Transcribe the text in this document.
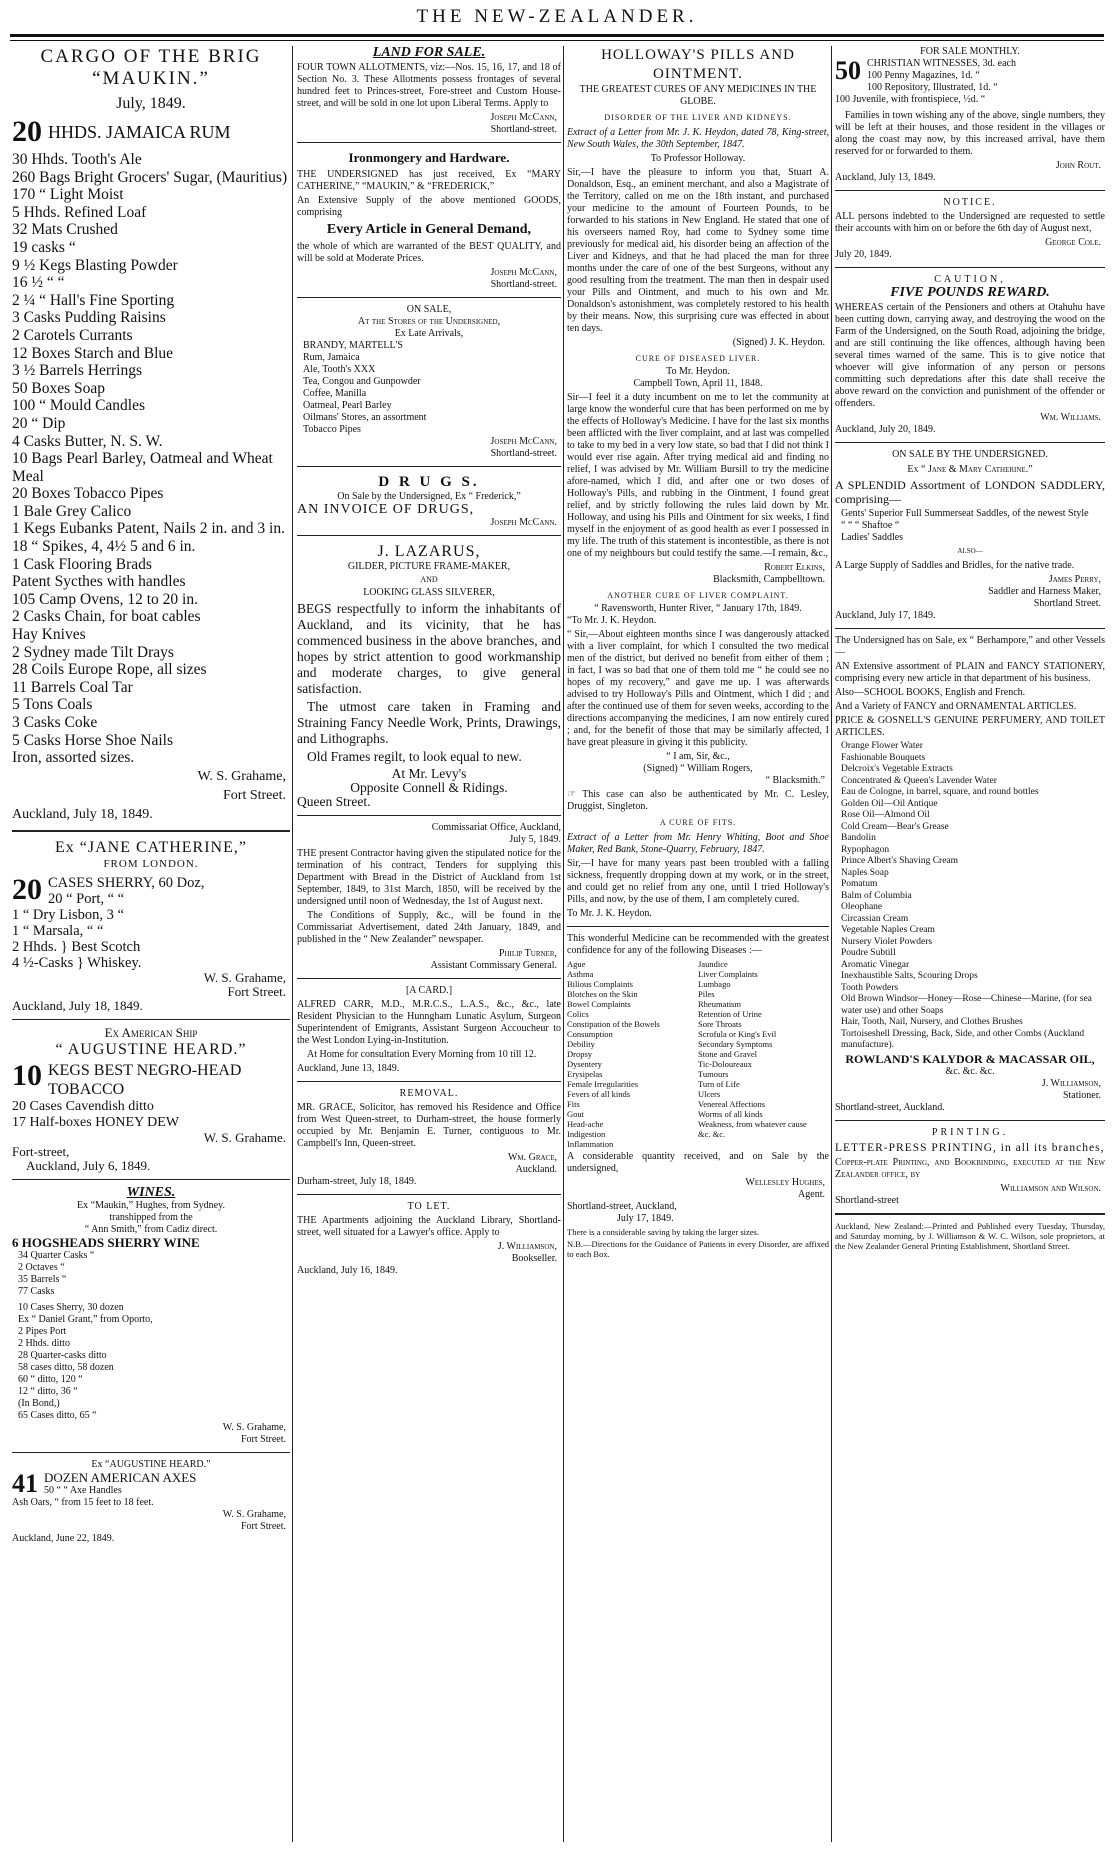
THE NEW-ZEALANDER.
CARGO OF THE BRIG
“MAUKIN.”
July, 1849.
20 HHDS. JAMAICA RUM
30 Hhds. Tooth's Ale
260 Bags Bright Grocers' Sugar, (Mauritius)
170 “ Light Moist
5 Hhds. Refined Loaf
32 Mats Crushed
19 casks “
9 ½ Kegs Blasting Powder
16 ½ “ “
2 ¼ “ Hall's Fine Sporting
3 Casks Pudding Raisins
2 Carotels Currants
12 Boxes Starch and Blue
3 ½ Barrels Herrings
50 Boxes Soap
100 “ Mould Candles
20 “ Dip
4 Casks Butter, N. S. W.
10 Bags Pearl Barley, Oatmeal and Wheat Meal
20 Boxes Tobacco Pipes
1 Bale Grey Calico
1 Kegs Eubanks Patent, Nails 2 in. and 3 in.
18 “ Spikes, 4, 4½ 5 and 6 in.
1 Cask Flooring Brads
Patent Sycthes with handles
105 Camp Ovens, 12 to 20 in.
2 Casks Chain, for boat cables
Hay Knives
2 Sydney made Tilt Drays
28 Coils Europe Rope, all sizes
11 Barrels Coal Tar
5 Tons Coals
3 Casks Coke
5 Casks Horse Shoe Nails
Iron, assorted sizes.
W. S. Grahame,
Fort Street.
Auckland, July 18, 1849.
Ex “JANE CATHERINE,”
FROM LONDON.
20 CASES SHERRY, 60 Doz,
20 “ Port, “ “
1 “ Dry Lisbon, 3 “
1 “ Marsala, “ “
2 Hhds. } Best Scotch
4 ½-Casks } Whiskey.
W. S. Grahame,
Fort Street.
Auckland, July 18, 1849.
Ex American Ship
“ AUGUSTINE HEARD.”
10 KEGS BEST NEGRO-HEAD TOBACCO
20 Cases Cavendish ditto
17 Half-boxes HONEY DEW
W. S. Grahame.
Fort-street,
Auckland, July 6, 1849.
WINES.
Ex “Maukin,” Hughes, from Sydney.
transhipped from the
“ Ann Smith,” from Cadiz direct.
6 HOGSHEADS SHERRY WINE
34 Quarter Casks “
2 Octaves “
35 Barrels “
77 Casks
10 Cases Sherry, 30 dozen
Ex “ Daniel Grant,” from Oporto,
2 Pipes Port
2 Hhds. ditto
28 Quarter-casks ditto
58 cases ditto, 58 dozen
60 “ ditto, 120 “
12 “ ditto, 36 “
(In Bond,)
65 Cases ditto, 65 “
W. S. Grahame,
Fort Street.
Ex “AUGUSTINE HEARD.”
41 DOZEN AMERICAN AXES
50 “ “ Axe Handles
Ash Oars, “ from 15 feet to 18 feet.
W. S. Grahame,
Fort Street.
Auckland, June 22, 1849.
LAND FOR SALE.
FOUR TOWN ALLOTMENTS, viz:—Nos. 15, 16, 17, and 18 of Section No. 3. These Allotments possess frontages of several hundred feet to Princes-street, Fore-street and Custom House-street, and will be sold in one lot upon Liberal Terms. Apply to
Joseph McCann,
Shortland-street.
Ironmongery and Hardware.
THE UNDERSIGNED has just received, Ex “MARY CATHERINE,” “MAUKIN,” & “FREDERICK,”
An Extensive Supply of the above mentioned GOODS, comprising
Every Article in General Demand,
the whole of which are warranted of the BEST QUALITY, and will be sold at Moderate Prices.
Joseph McCann,
Shortland-street.
ON SALE,
At the Stores of the Undersigned,
Ex Late Arrivals,
BRANDY, MARTELL'S
Rum, Jamaica
Ale, Tooth's XXX
Tea, Congou and Gunpowder
Coffee, Manilla
Oatmeal, Pearl Barley
Oilmans' Stores, an assortment
Tobacco Pipes
Joseph McCann,
Shortland-street.
D R U G S.
On Sale by the Undersigned, Ex “ Frederick,”
AN INVOICE OF DRUGS,
Joseph McCann.
J. LAZARUS,
GILDER, PICTURE FRAME-MAKER,
AND
LOOKING GLASS SILVERER,
BEGS respectfully to inform the inhabitants of Auckland, and its vicinity, that he has commenced business in the above branches, and hopes by strict attention to good workmanship and moderate charges, to give general satisfaction.
The utmost care taken in Framing and Straining Fancy Needle Work, Prints, Drawings, and Lithographs.
Old Frames regilt, to look equal to new.
At Mr. Levy's
Opposite Connell & Ridings.
Queen Street.
Commissariat Office, Auckland,
July 5, 1849.
THE present Contractor having given the stipulated notice for the termination of his contract, Tenders for supplying this Department with Bread in the District of Auckland from 1st September, 1849, to 31st March, 1850, will be received by the undersigned until noon of Wednesday, the 1st of August next.
The Conditions of Supply, &c., will be found in the Commissariat Advertisement, dated 24th January, 1849, and published in the “ New Zealander” newspaper.
Philip Turner,
Assistant Commissary General.
[A CARD.]
ALFRED CARR, M.D., M.R.C.S., L.A.S., &c., &c., late Resident Physician to the Hunngham Lunatic Asylum, Surgeon Superintendent of Emigrants, Assistant Surgeon Accoucheur to the West London Lying-in-Institution.
At Home for consultation Every Morning from 10 till 12.
Auckland, June 13, 1849.
REMOVAL.
MR. GRACE, Solicitor, has removed his Residence and Office from West Queen-street, to Durham-street, the house formerly occupied by Mr. Benjamin E. Turner, contiguous to Mr. Campbell's Inn, Queen-street.
Wm. Grace,
Auckland.
Durham-street, July 18, 1849.
TO LET.
THE Apartments adjoining the Auckland Library, Shortland-street, well situated for a Lawyer's office. Apply to
J. Williamson,
Bookseller.
Auckland, July 16, 1849.
HOLLOWAY'S PILLS AND OINTMENT.
THE GREATEST CURES OF ANY MEDICINES IN THE GLOBE.
DISORDER OF THE LIVER AND KIDNEYS.
Extract of a Letter from Mr. J. K. Heydon, dated 78, King-street, New South Wales, the 30th September, 1847.
To Professor Holloway.
Sir,—I have the pleasure to inform you that, Stuart A. Donaldson, Esq., an eminent merchant, and also a Magistrate of the Territory, called on me on the 18th instant, and purchased your medicine to the amount of Fourteen Pounds, to be forwarded to his stations in New England. He stated that one of his overseers named Roy, had come to Sydney some time previously for medical aid, his disorder being an affection of the Liver and Kidneys, and that he had placed the man for three months under the care of one of the best Surgeons, without any good resulting from the treatment. The man then in despair used your Pills and Ointment, and much to his own and Mr. Donaldson's astonishment, was completely restored to his health by their means. Now, this surprising cure was effected in about ten days.
(Signed) J. K. Heydon.
CURE OF DISEASED LIVER.
To Mr. Heydon.
Campbell Town, April 11, 1848.
Sir—I feel it a duty incumbent on me to let the community at large know the wonderful cure that has been performed on me by the effects of Holloway's Medicine. I have for the last six months been afflicted with the liver complaint, and at last was compelled to take to my bed in a very low state, so bad that I did not think I would ever rise again. After trying medical aid and finding no relief, I was advised by Mr. William Bursill to try the medicine afore-named, which I did, and after one or two doses of Holloway's Pills, and rubbing in the Ointment, I found great relief, and by strictly following the rules laid down by Mr. Holloway, and using his Pills and Ointment for six weeks, I find myself in the enjoyment of as good health as ever I possessed in my life. The truth of this statement is incontestible, as there is not one of my neighbours but could testify the same.—I remain, &c.,
Robert Elkins,
Blacksmith, Campbelltown.
ANOTHER CURE OF LIVER COMPLAINT.
“ Ravensworth, Hunter River, “ January 17th, 1849.
“To Mr. J. K. Heydon.
“ Sir,—About eighteen months since I was dangerously attacked with a liver complaint, for which I consulted the two medical men of the district, but derived no benefit from either of them ; in fact, I was so bad that one of them told me “ he could see no hopes of my recovery,” and gave me up. I was afterwards advised to try Holloway's Pills and Ointment, which I did ; and after the continued use of them for seven weeks, according to the directions accompanying the medicines, I am now entirely cured ; and, for the benefit of those that may be similarly affected, I have great pleasure in giving it this publicity.
“ I am, Sir, &c.,
(Signed) “ William Rogers,
“ Blacksmith.”
☞ This case can also be authenticated by Mr. C. Lesley, Druggist, Singleton.
A CURE OF FITS.
Extract of a Letter from Mr. Henry Whiting, Boot and Shoe Maker, Red Bank, Stone-Quarry, February, 1847.
Sir,—I have for many years past been troubled with a falling sickness, frequently dropping down at my work, or in the street, and could get no relief from any one, until I tried Holloway's Pills, and now, by the use of them, I am completely cured.
To Mr. J. K. Heydon.
This wonderful Medicine can be recommended with the greatest confidence for any of the following Diseases :—
Ague
Asthma
Bilious Complaints
Blotches on the Skin
Bowel Complaints
Colics
Constipation of the Bowels
Consumption
Debility
Dropsy
Dysentery
Erysipelas
Female Irregularities
Fevers of all kinds
Fits
Gout
Head-ache
Indigestion
Inflammation
Jaundice
Liver Complaints
Lumbago
Piles
Rheumatism
Retention of Urine
Sore Throats
Scrofula or King's Evil
Secondary Symptoms
Stone and Gravel
Tic-Doloureaux
Tumours
Turn of Life
Ulcers
Venereal Affections
Worms of all kinds
Weakness, from whatever cause
&c. &c.
A considerable quantity received, and on Sale by the undersigned,
Wellesley Hughes,
Agent.
Shortland-street, Auckland,
July 17, 1849.
There is a considerable saving by taking the larger sizes.
N.B.—Directions for the Guidance of Patients in every Disorder, are affixed to each Box.
FOR SALE MONTHLY.
50 CHRISTIAN WITNESSES, 3d. each
100 Penny Magazines, 1d. “
100 Repository, Illustrated, 1d. “
100 Juvenile, with frontispiece, ½d. “
Families in town wishing any of the above, single numbers, they will be left at their houses, and those resident in the villages or along the coast may now, by this increased arrival, have them reserved for or forwarded to them.
John Rout.
Auckland, July 13, 1849.
NOTICE.
ALL persons indebted to the Undersigned are requested to settle their accounts with him on or before the 6th day of August next,
George Cole.
July 20, 1849.
CAUTION,
FIVE POUNDS REWARD.
WHEREAS certain of the Pensioners and others at Otahuhu have been cutting down, carrying away, and destroying the wood on the Farm of the Undersigned, on the South Road, adjoining the bridge, and are still continuing the like offences, although having been several times warned of the same. This is to give notice that whoever will give information of any person or persons committing such depredations after this date shall receive the above reward on the conviction and punishment of the offender or offenders.
Wm. Williams.
Auckland, July 20, 1849.
ON SALE BY THE UNDERSIGNED.
Ex “ Jane & Mary Catherine.”
A SPLENDID Assortment of LONDON SADDLERY, comprising—
Gents' Superior Full Summerseat Saddles, of the newest Style
“ “ “ Shaftoe “
Ladies' Saddles
ALSO—
A Large Supply of Saddles and Bridles, for the native trade.
James Perry,
Saddler and Harness Maker,
Shortland Street.
Auckland, July 17, 1849.
The Undersigned has on Sale, ex “ Berhampore,” and other Vessels—
AN Extensive assortment of PLAIN and FANCY STATIONERY, comprising every new article in that department of his business.
Also—SCHOOL BOOKS, English and French.
And a Variety of FANCY and ORNAMENTAL ARTICLES.
PRICE & GOSNELL'S GENUINE PERFUMERY, AND TOILET ARTICLES.
Orange Flower Water
Fashionable Bouquets
Delcroix's Vegetable Extracts
Concentrated & Queen's Lavender Water
Eau de Cologne, in barrel, square, and round bottles
Golden Oil—Oil Antique
Rose Oil—Almond Oil
Cold Cream—Bear's Grease
Bandolin
Rypophagon
Prince Albert's Shaving Cream
Naples Soap
Pomatum
Balm of Columbia
Oleophane
Circassian Cream
Vegetable Naples Cream
Nursery Violet Powders
Poudre Subtill
Aromatic Vinegar
Inexhaustible Salts, Scouring Drops
Tooth Powders
Old Brown Windsor—Honey—Rose—Chinese—Marine, (for sea water use) and other Soaps
Hair, Tooth, Nail, Nursery, and Clothes Brushes
Tortoiseshell Dressing, Back, Side, and other Combs (Auckland manufacture).
ROWLAND'S KALYDOR & MACASSAR OIL,
&c. &c. &c.
J. Williamson,
Stationer.
Shortland-street, Auckland.
PRINTING.
LETTER-PRESS PRINTING, in all its branches,
Copper-plate Printing, and Bookbinding, executed at the New Zealander office, by
Williamson and Wilson.
Shortland-street
Auckland, New Zealand:—Printed and Published every Tuesday, Thursday, and Saturday morning, by J. Williamson & W. C. Wilson, sole proprietors, at the New Zealander General Printing Establishment, Shortland Street.
